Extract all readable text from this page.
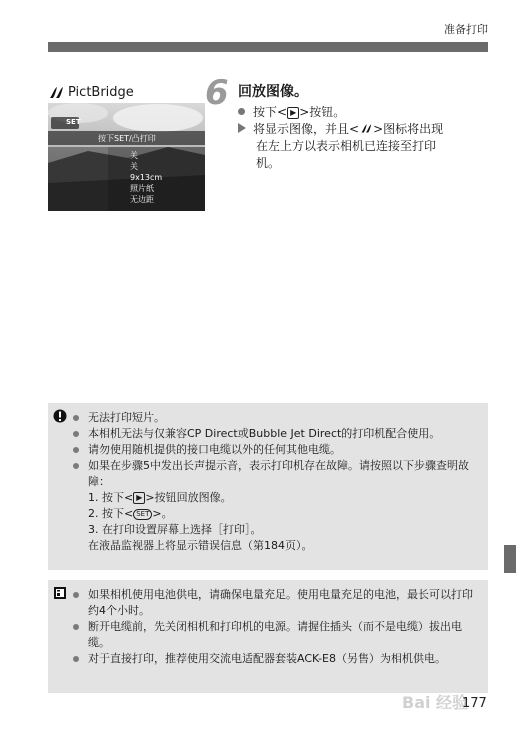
准备打印
PictBridge
SET
按下SET/凸打印
关
关
9x13cm
照片纸
无边距
6 回放图像。
按下< ▶ >按钮。
将显示图像，并且< >图标将出现
在左上方以表示相机已连接至打印
机。
无法打印短片。
本相机无法与仅兼容CP Direct或Bubble Jet Direct的打印机配合使用。
请勿使用随机提供的接口电缆以外的任何其他电缆。
如果在步骤5中发出长声提示音，表示打印机存在故障。请按照以下步骤查明故障：
1. 按下< ▶ >按钮回放图像。
2. 按下< SET >。
3. 在打印设置屏幕上选择［打印］。
在液晶监视器上将显示错误信息（第184页）。
如果相机使用电池供电，请确保电量充足。使用电量充足的电池，最长可以打印约4个小时。
断开电缆前，先关闭相机和打印机的电源。请握住插头（而不是电缆）拔出电缆。
对于直接打印，推荐使用交流电适配器套装ACK-E8（另售）为相机供电。
Bai 经验
177
